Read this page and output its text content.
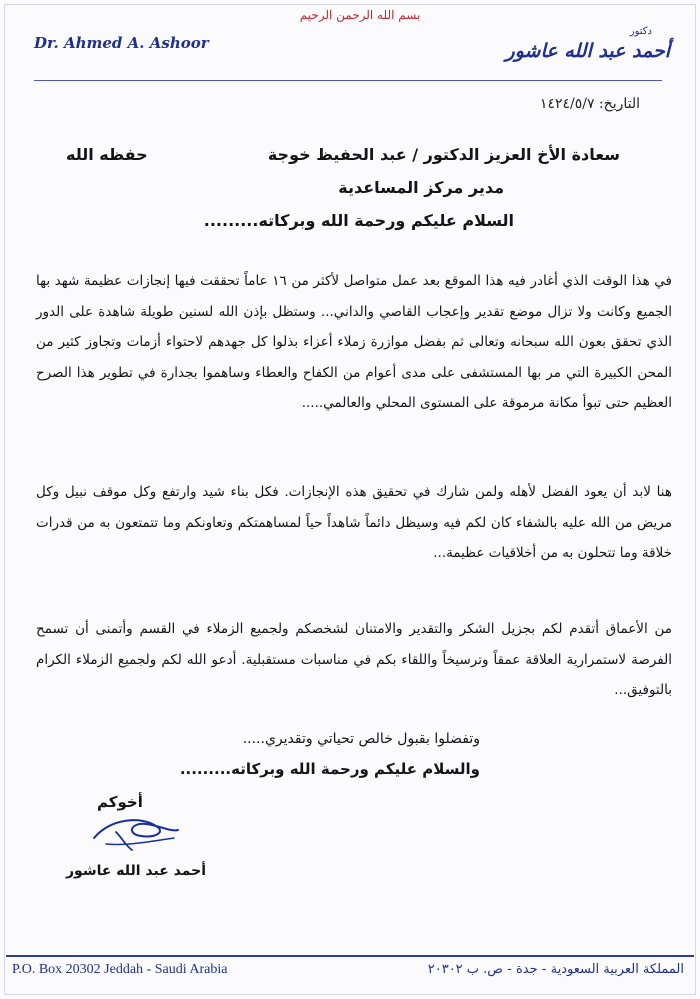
بسم الله الرحمن الرحيم
Dr. Ahmed A. Ashoor
دكتور
أحمد عبد الله عاشور
التاريخ: ١٤٢٤/٥/٧
سعادة الأخ العزيز الدكتور / عبد الحفيظ خوجة
حفظه الله
مدير مركز المساعدية
السلام عليكم ورحمة الله وبركاته.........
في هذا الوقت الذي أغادر فيه هذا الموقع بعد عمل متواصل لأكثر من ١٦ عاماً تحققت فيها إنجازات عظيمة شهد بها الجميع وكانت ولا تزال موضع تقدير وإعجاب القاصي والداني... وستظل بإذن الله لسنين طويلة شاهدة على الدور الذي تحقق بعون الله سبحانه وتعالى ثم بفضل موازرة زملاء أعزاء بذلوا كل جهدهم لاحتواء أزمات وتجاوز كثير من المحن الكبيرة التي مر بها المستشفى على مدى أعوام من الكفاح والعطاء وساهموا بجدارة في تطوير هذا الصرح العظيم حتى تبوأ مكانة مرموقة على المستوى المحلي والعالمي.....
هنا لابد أن يعود الفضل لأهله ولمن شارك في تحقيق هذه الإنجازات. فكل بناء شيد وارتفع وكل موقف نبيل وكل مريض من الله عليه بالشفاء كان لكم فيه وسيظل دائماً شاهداً حياً لمساهمتكم وتعاونكم وما تتمتعون به من قدرات خلاقة وما تتحلون به من أخلاقيات عظيمة...
من الأعماق أتقدم لكم بجزيل الشكر والتقدير والامتنان لشخصكم ولجميع الزملاء في القسم وأتمنى أن تسمح الفرصة لاستمرارية العلاقة عمقاً وترسيخاً واللقاء بكم في مناسبات مستقبلية. أدعو الله لكم ولجميع الزملاء الكرام بالتوفيق...
وتفضلوا بقبول خالص تحياتي وتقديري.....
والسلام عليكم ورحمة الله وبركاته.........
أخوكم
أحمد عبد الله عاشور
P.O. Box 20302 Jeddah - Saudi Arabia	المملكة العربية السعودية - جدة - ص. ب ٢٠٣٠٢
